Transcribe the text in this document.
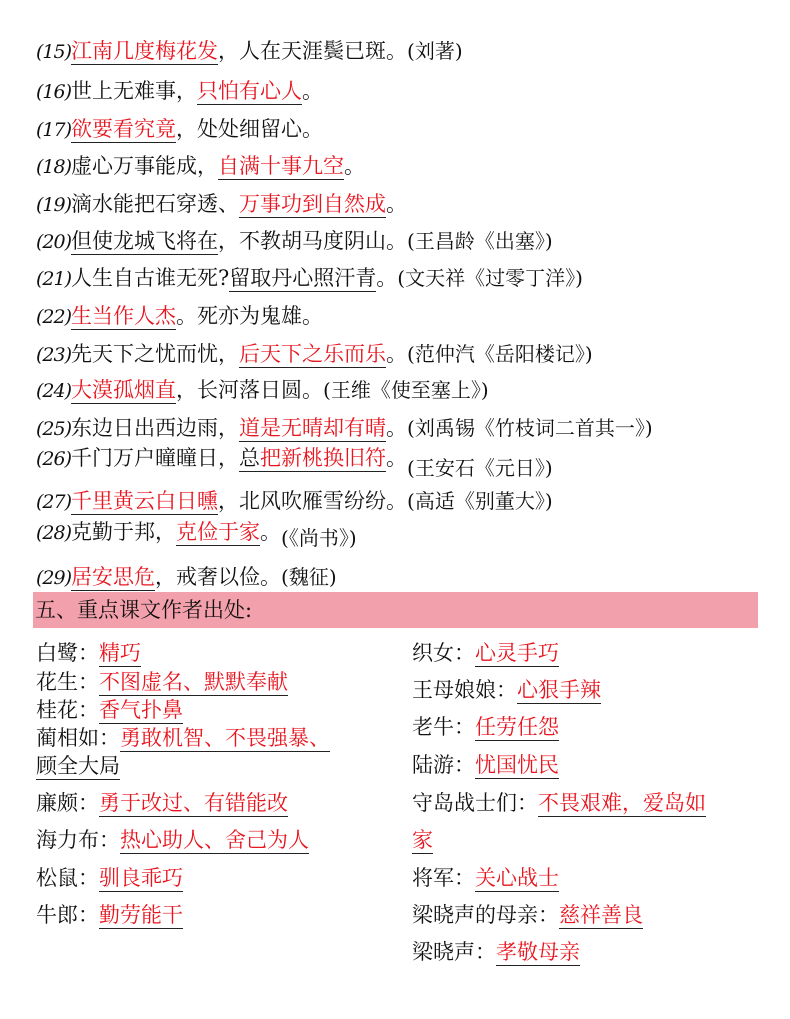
(15)江南几度梅花发，人在天涯鬓已斑。(刘著)
(16)世上无难事，只怕有心人。
(17)欲要看究竟，处处细留心。
(18)虚心万事能成，自满十事九空。
(19)滴水能把石穿透、万事功到自然成。
(20)但使龙城飞将在，不教胡马度阴山。(王昌龄《出塞》)
(21)人生自古谁无死?留取丹心照汗青。(文天祥《过零丁洋》)
(22)生当作人杰。死亦为鬼雄。
(23)先天下之忧而忧，后天下之乐而乐。(范仲汽《岳阳楼记》)
(24)大漠孤烟直，长河落日圆。(王维《使至塞上》)
(25)东边日出西边雨，道是无晴却有晴。(刘禹锡《竹枝词二首其一》)
(26)千门万户曈曈日，总把新桃换旧符。(王安石《元日》)
(27)千里黄云白日曛，北风吹雁雪纷纷。(高适《别董大》)
(28)克勤于邦，克俭于家。(《尚书》)
(29)居安思危，戒奢以俭。(魏征)
五、重点课文作者出处:
白鹭：精巧
花生：不图虚名、默默奉献
桂花：香气扑鼻
蔺相如：勇敢机智、不畏强暴、
顾全大局
廉颇：勇于改过、有错能改
海力布：热心助人、舍己为人
松鼠：驯良乖巧
牛郎：勤劳能干
织女：心灵手巧
王母娘娘：心狠手辣
老牛：任劳任怨
陆游：忧国忧民
守岛战士们：不畏艰难，爱岛如
家
将军：关心战士
梁晓声的母亲：慈祥善良
梁晓声：孝敬母亲
